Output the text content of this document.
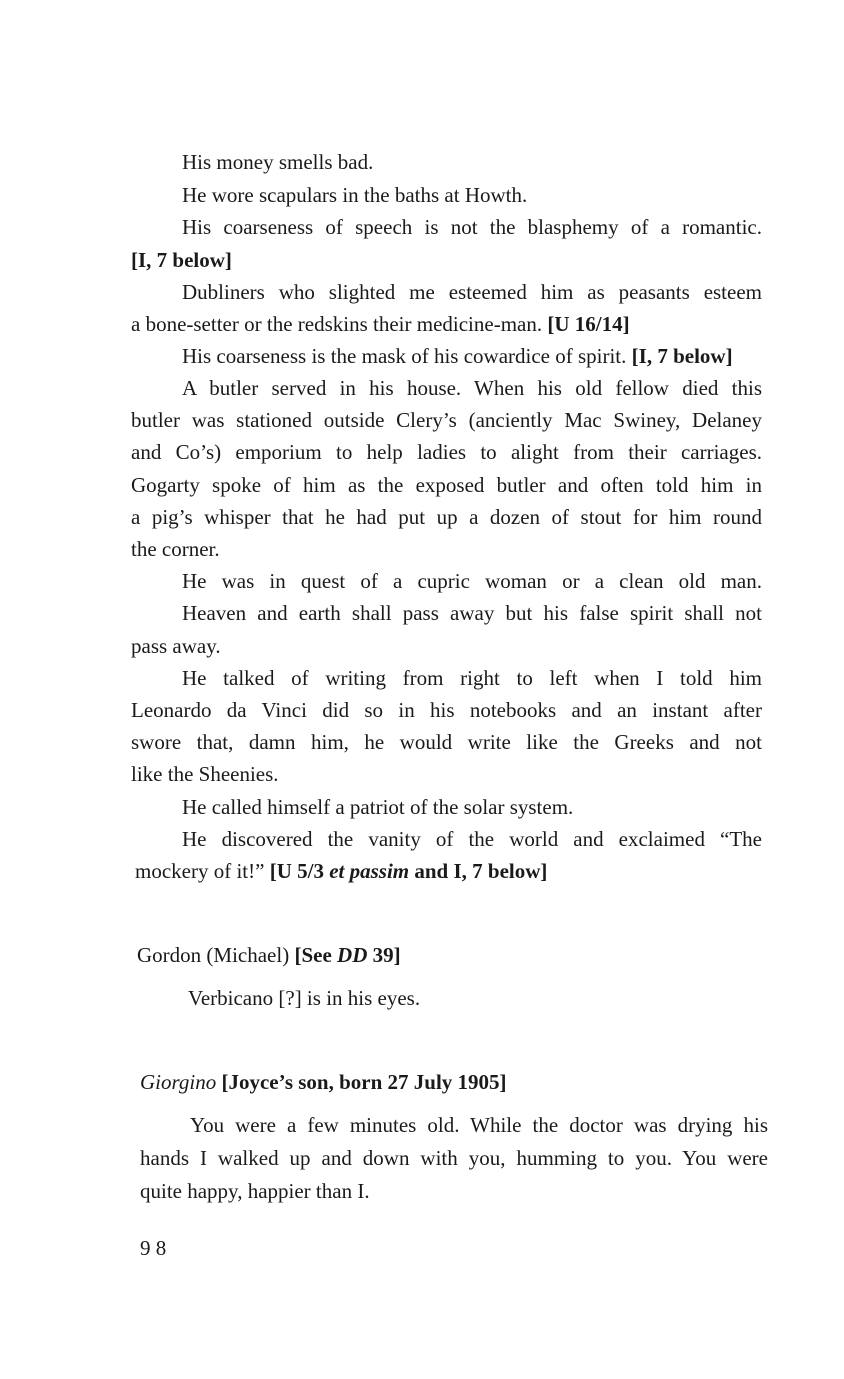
His money smells bad.
He wore scapulars in the baths at Howth.
His coarseness of speech is not the blasphemy of a romantic.
[I, 7 below]
Dubliners who slighted me esteemed him as peasants esteem
a bone-setter or the redskins their medicine-man. [U 16/14]
His coarseness is the mask of his cowardice of spirit. [I, 7 below]
A butler served in his house. When his old fellow died this
butler was stationed outside Clery’s (anciently Mac Swiney, Delaney
and Co’s) emporium to help ladies to alight from their carriages.
Gogarty spoke of him as the exposed butler and often told him in
a pig’s whisper that he had put up a dozen of stout for him round
the corner.
He was in quest of a cupric woman or a clean old man.
Heaven and earth shall pass away but his false spirit shall not
pass away.
He talked of writing from right to left when I told him
Leonardo da Vinci did so in his notebooks and an instant after
swore that, damn him, he would write like the Greeks and not
like the Sheenies.
He called himself a patriot of the solar system.
He discovered the vanity of the world and exclaimed “The
mockery of it!” [U 5/3 et passim and I, 7 below]
Gordon (Michael) [See DD 39]
Verbicano [?] is in his eyes.
Giorgino [Joyce’s son, born 27 July 1905]
You were a few minutes old. While the doctor was drying his
hands I walked up and down with you, humming to you. You were
quite happy, happier than I.
9 8
